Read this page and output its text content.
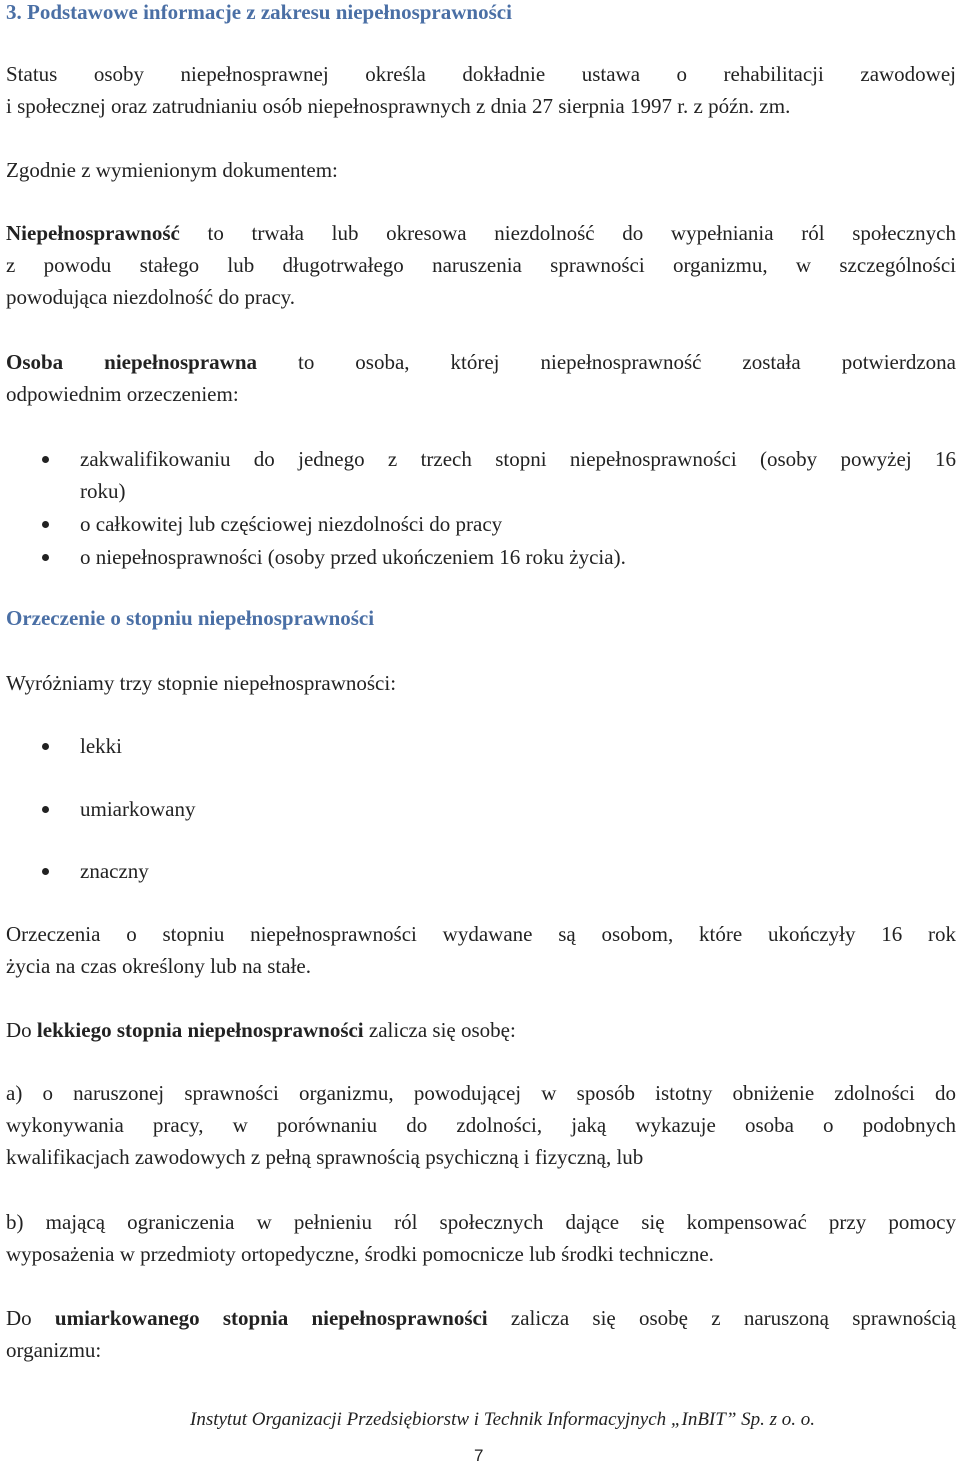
3. Podstawowe informacje z zakresu niepełnosprawności
Status osoby niepełnosprawnej określa dokładnie ustawa o rehabilitacji zawodowej
i społecznej oraz zatrudnianiu osób niepełnosprawnych z dnia 27 sierpnia 1997 r. z późn. zm.
Zgodnie z wymienionym dokumentem:
Niepełnosprawność to trwała lub okresowa niezdolność do wypełniania ról społecznych
z powodu stałego lub długotrwałego naruszenia sprawności organizmu, w szczególności
powodująca niezdolność do pracy.
Osoba niepełnosprawna to osoba, której niepełnosprawność została potwierdzona
odpowiednim orzeczeniem:
zakwalifikowaniu do jednego z trzech stopni niepełnosprawności (osoby powyżej 16
roku)
o całkowitej lub częściowej niezdolności do pracy
o niepełnosprawności (osoby przed ukończeniem 16 roku życia).
Orzeczenie o stopniu niepełnosprawności
Wyróżniamy trzy stopnie niepełnosprawności:
lekki
umiarkowany
znaczny
Orzeczenia o stopniu niepełnosprawności wydawane są osobom, które ukończyły 16 rok
życia na czas określony lub na stałe.
Do lekkiego stopnia niepełnosprawności zalicza się osobę:
a) o naruszonej sprawności organizmu, powodującej w sposób istotny obniżenie zdolności do
wykonywania pracy, w porównaniu do zdolności, jaką wykazuje osoba o podobnych
kwalifikacjach zawodowych z pełną sprawnością psychiczną i fizyczną, lub
b) mającą ograniczenia w pełnieniu ról społecznych dające się kompensować przy pomocy
wyposażenia w przedmioty ortopedyczne, środki pomocnicze lub środki techniczne.
Do umiarkowanego stopnia niepełnosprawności zalicza się osobę z naruszoną sprawnością
organizmu:
Instytut Organizacji Przedsiębiorstw i Technik Informacyjnych „InBIT” Sp. z o. o.
7
